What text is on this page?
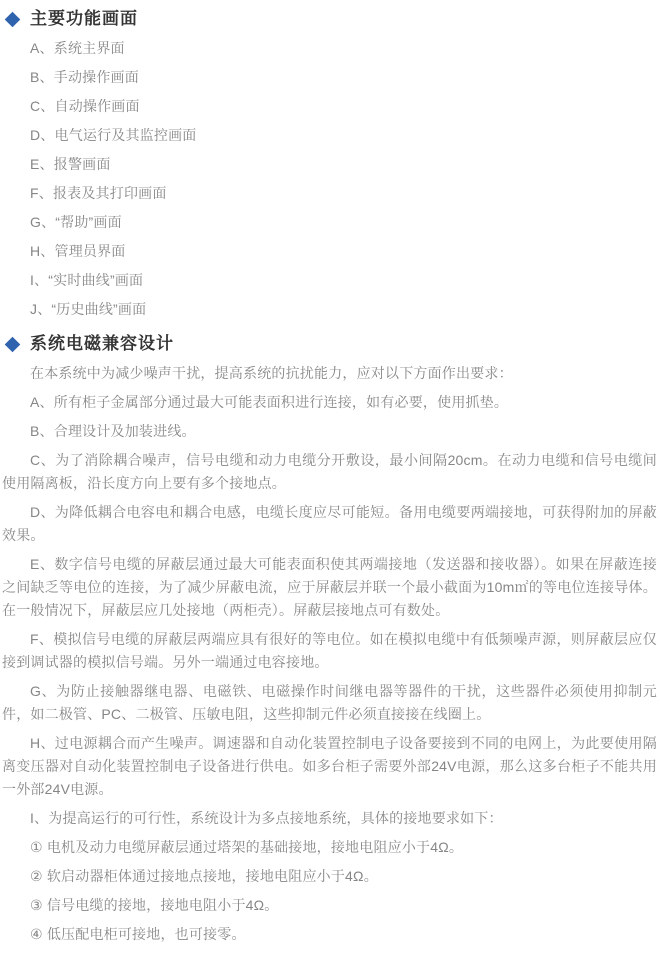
主要功能画面
A、系统主界面
B、手动操作画面
C、自动操作画面
D、电气运行及其监控画面
E、报警画面
F、报表及其打印画面
G、“帮助”画面
H、管理员界面
I、“实时曲线”画面
J、“历史曲线”画面
系统电磁兼容设计
在本系统中为减少噪声干扰，提高系统的抗扰能力，应对以下方面作出要求：
A、所有柜子金属部分通过最大可能表面积进行连接，如有必要，使用抓垫。
B、合理设计及加装进线。
C、为了消除耦合噪声，信号电缆和动力电缆分开敷设，最小间隔20cm。在动力电缆和信号电缆间使用隔离板，沿长度方向上要有多个接地点。
D、为降低耦合电容电和耦合电感，电缆长度应尽可能短。备用电缆要两端接地，可获得附加的屏蔽效果。
E、数字信号电缆的屏蔽层通过最大可能表面积使其两端接地（发送器和接收器）。如果在屏蔽连接之间缺乏等电位的连接，为了减少屏蔽电流，应于屏蔽层并联一个最小截面为10m㎡的等电位连接导体。在一般情况下，屏蔽层应几处接地（两柜壳）。屏蔽层接地点可有数处。
F、模拟信号电缆的屏蔽层两端应具有很好的等电位。如在模拟电缆中有低频噪声源，则屏蔽层应仅接到调试器的模拟信号端。另外一端通过电容接地。
G、为防止接触器继电器、电磁铁、电磁操作时间继电器等器件的干扰，这些器件必须使用抑制元件，如二极管、PC、二极管、压敏电阻，这些抑制元件必须直接接在线圈上。
H、过电源耦合而产生噪声。调速器和自动化装置控制电子设备要接到不同的电网上，为此要使用隔离变压器对自动化装置控制电子设备进行供电。如多台柜子需要外部24V电源，那么这多台柜子不能共用一外部24V电源。
I、为提高运行的可行性，系统设计为多点接地系统，具体的接地要求如下：
① 电机及动力电缆屏蔽层通过塔架的基础接地，接地电阻应小于4Ω。
② 软启动器柜体通过接地点接地，接地电阻应小于4Ω。
③ 信号电缆的接地，接地电阻小于4Ω。
④ 低压配电柜可接地，也可接零。
